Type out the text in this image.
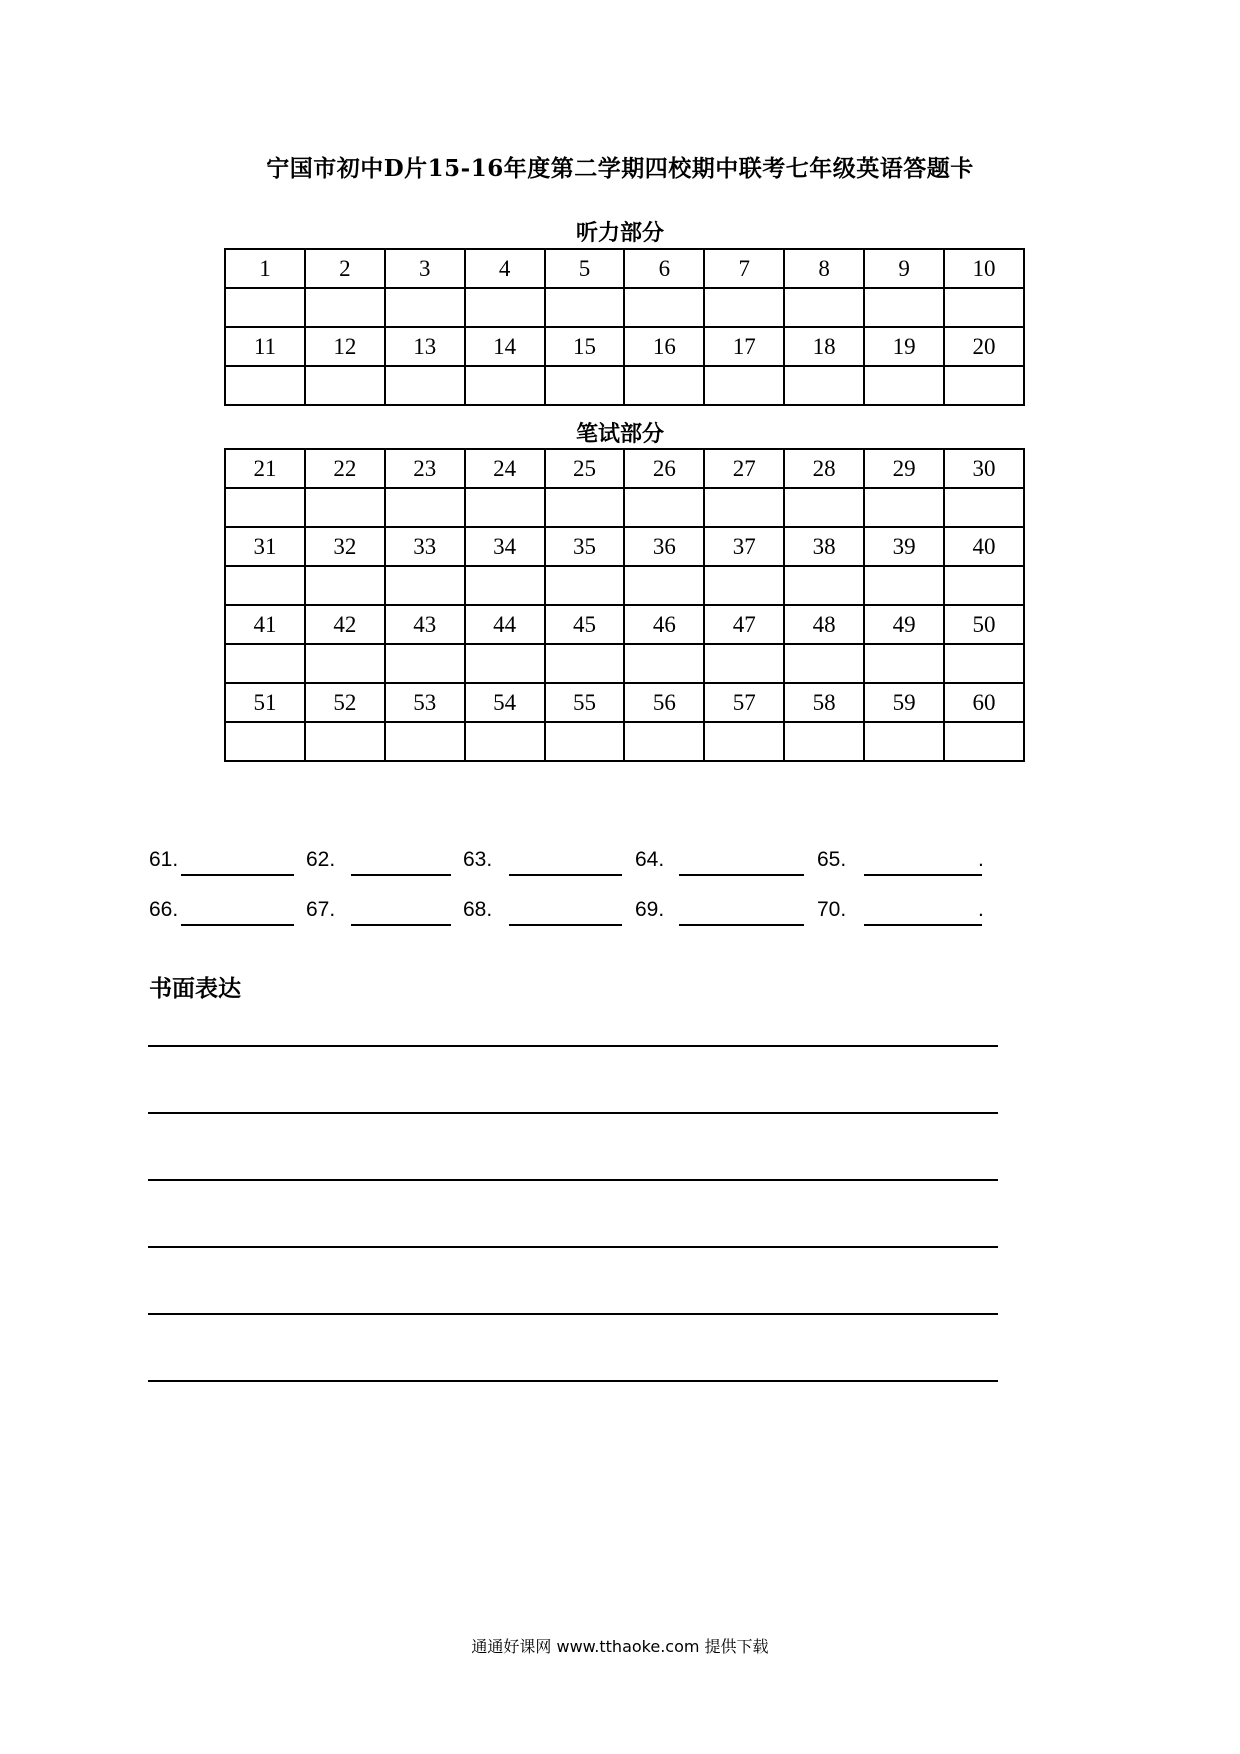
宁国市初中D片15-16年度第二学期四校期中联考七年级英语答题卡
听力部分
1	2	3	4	5	6	7	8	9	10

11	12	13	14	15	16	17	18	19	20

笔试部分
21	22	23	24	25	26	27	28	29	30

31	32	33	34	35	36	37	38	39	40

41	42	43	44	45	46	47	48	49	50

51	52	53	54	55	56	57	58	59	60

61.	62.	63.	64.	65.	.
66.	67.	68.	69.	70.	.
书面表达
通通好课网 www.tthaoke.com 提供下载
